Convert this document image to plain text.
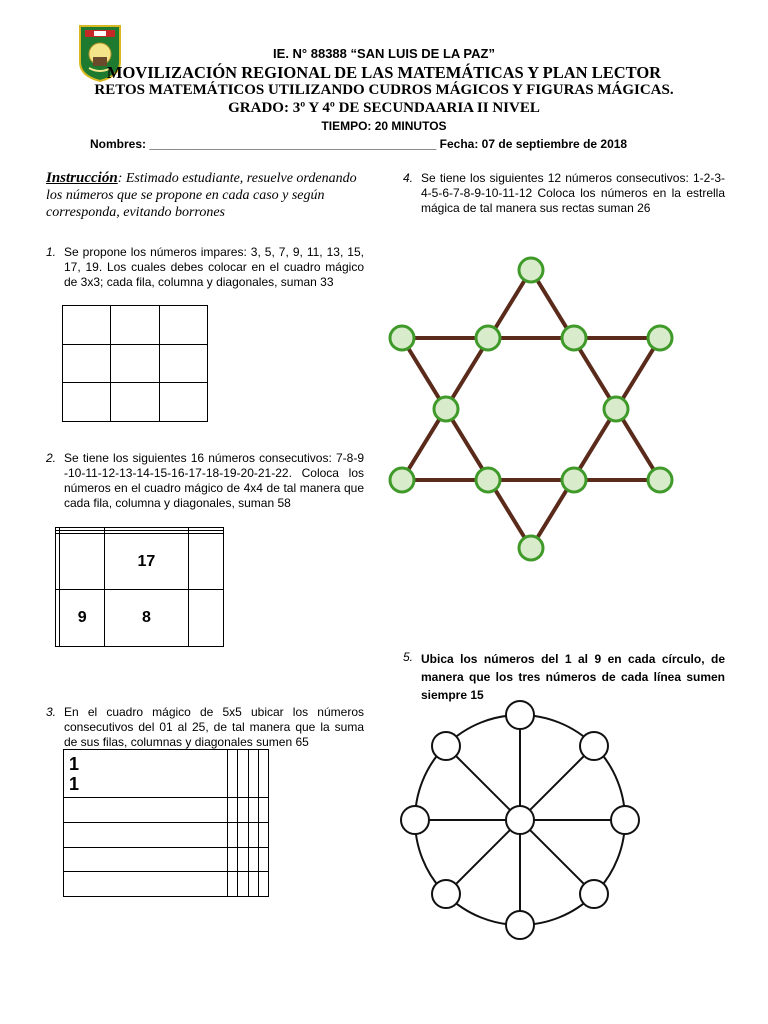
IE. N° 88388 “SAN LUIS DE LA PAZ”
MOVILIZACIÓN REGIONAL DE LAS MATEMÁTICAS Y PLAN LECTOR
RETOS MATEMÁTICOS UTILIZANDO CUDROS MÁGICOS Y FIGURAS MÁGICAS.
GRADO: 3º Y 4º DE SECUNDAARIA II NIVEL
TIEMPO: 20 MINUTOS
Nombres: ___________________________________________ Fecha: 07 de septiembre de 2018
Instrucción: Estimado estudiante, resuelve ordenando los números que se propone en cada caso y según corresponda, evitando borrones
1. Se propone los números impares: 3, 5, 7, 9, 11, 13, 15, 17, 19. Los cuales debes colocar en el cuadro mágico de 3x3; cada fila, columna y diagonales, suman 33

2. Se tiene los siguientes 16 números consecutivos: 7-8-9 -10-11-12-13-14-15-16-17-18-19-20-21-22. Coloca los números en el cuadro mágico de 4x4 de tal manera que cada fila, columna y diagonales, suman 58

		17	
	9	8	
3. En el cuadro mágico de 5x5 ubicar los números consecutivos del 01 al 25, de tal manera que la suma de sus filas, columnas y diagonales sumen 65
1
1				

4. Se tiene los siguientes 12 números consecutivos: 1-2-3-4-5-6-7-8-9-10-11-12 Coloca los números en la estrella mágica de tal manera sus rectas suman 26
5. Ubica los números del 1 al 9 en cada círculo, de manera que los tres números de cada línea sumen siempre 15
